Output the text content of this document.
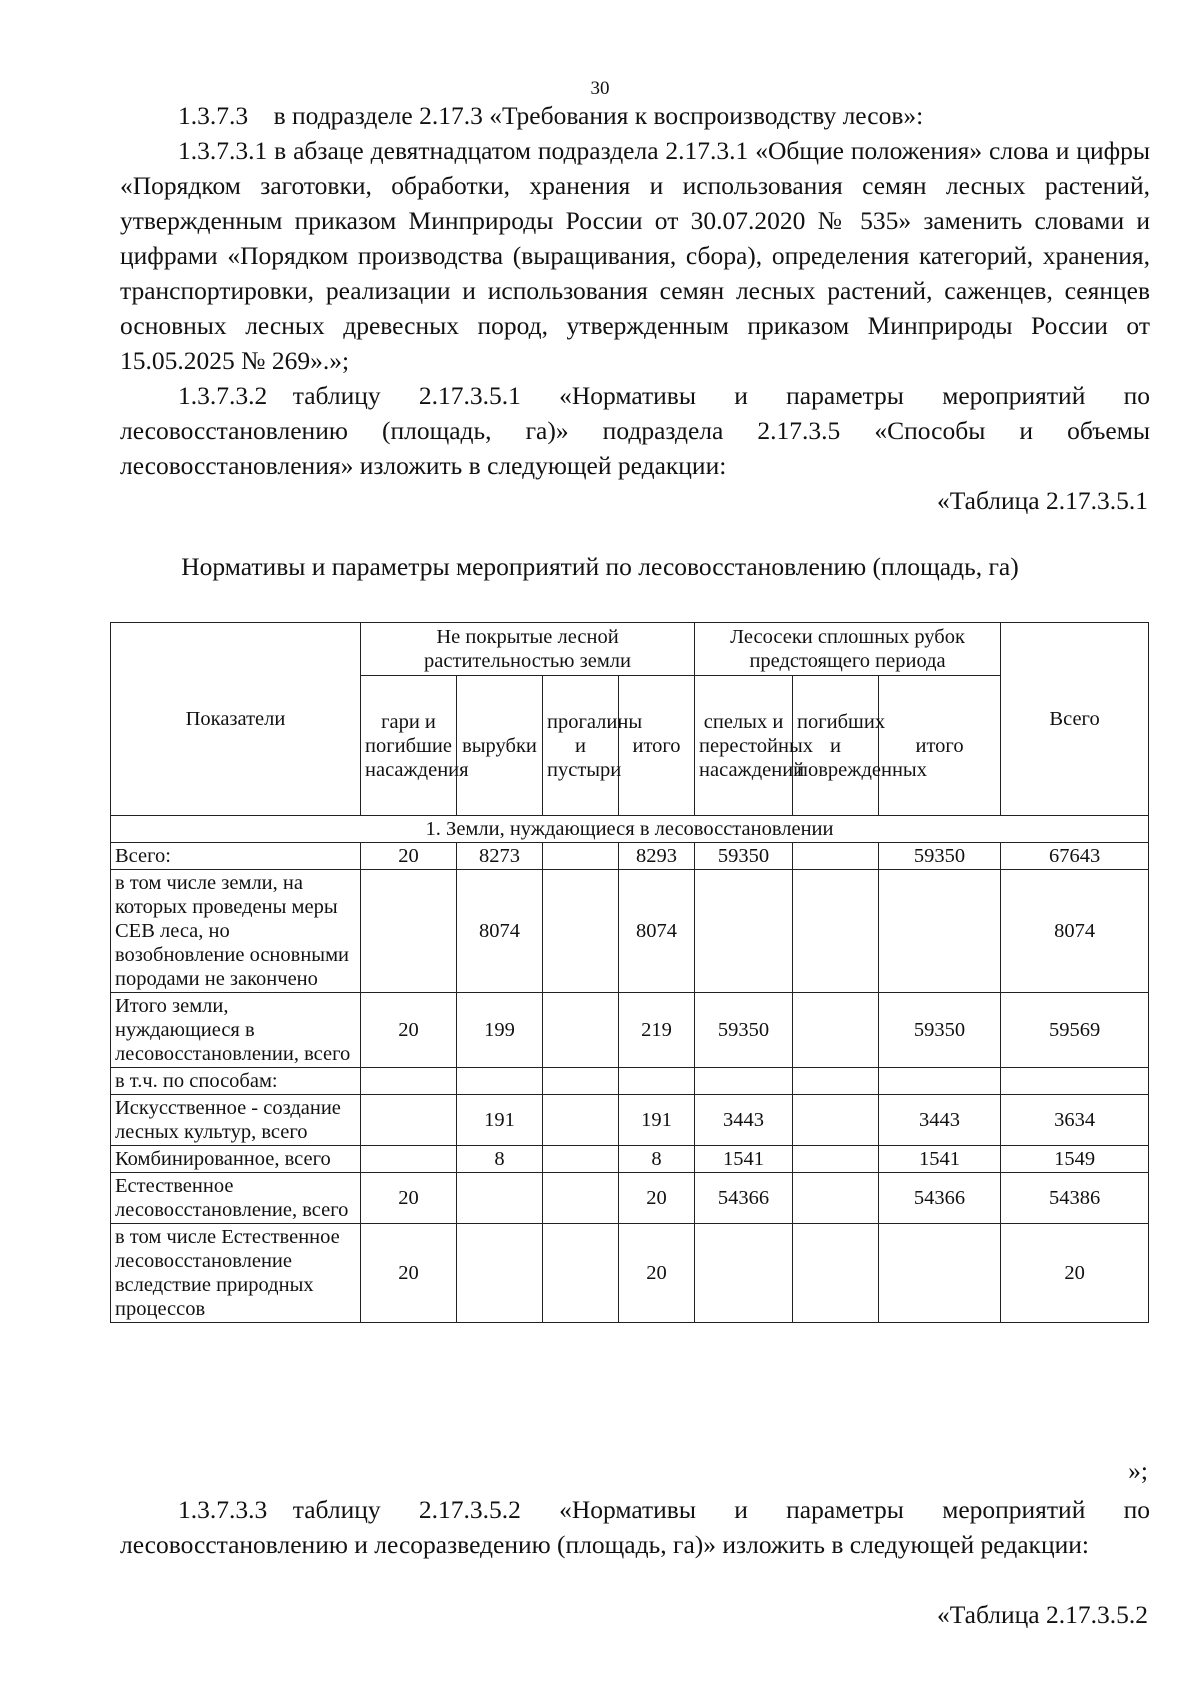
30
1.3.7.3 в подразделе 2.17.3 «Требования к воспроизводству лесов»:
1.3.7.3.1 в абзаце девятнадцатом подраздела 2.17.3.1 «Общие положения» слова и цифры «Порядком заготовки, обработки, хранения и использования семян лесных растений, утвержденным приказом Минприроды России от 30.07.2020 № 535» заменить словами и цифрами «Порядком производства (выращивания, сбора), определения категорий, хранения, транспортировки, реализации и использования семян лесных растений, саженцев, сеянцев основных лесных древесных пород, утвержденным приказом Минприроды России от 15.05.2025 № 269».»;
1.3.7.3.2 таблицу 2.17.3.5.1 «Нормативы и параметры мероприятий по лесовосстановлению (площадь, га)» подраздела 2.17.3.5 «Способы и объемы лесовосстановления» изложить в следующей редакции:
«Таблица 2.17.3.5.1
Нормативы и параметры мероприятий по лесовосстановлению (площадь, га)
Показатели	Не покрытые лесной растительностью земли				Лесосеки сплошных рубок предстоящего периода			Всего
	гари и погибшие насаждения	вырубки	прогалины и пустыри	итого	спелых и перестойных насаждений	погибших и поврежденных	итого	
1. Земли, нуждающиеся в лесовосстановлении								
Всего:	20	8273		8293	59350		59350	67643
в том числе земли, на которых проведены меры СЕВ леса, но возобновление основными породами не закончено		8074		8074				8074
Итого земли, нуждающиеся в лесовосстановлении, всего	20	199		219	59350		59350	59569
в т.ч. по способам:								
Искусственное - создание лесных культур, всего		191		191	3443		3443	3634
Комбинированное, всего		8		8	1541		1541	1549
Естественное лесовосстановление, всего	20			20	54366		54366	54386
в том числе Естественное лесовосстановление вследствие природных процессов	20			20				20
»;
1.3.7.3.3 таблицу 2.17.3.5.2 «Нормативы и параметры мероприятий по лесовосстановлению и лесоразведению (площадь, га)» изложить в следующей редакции:
«Таблица 2.17.3.5.2
